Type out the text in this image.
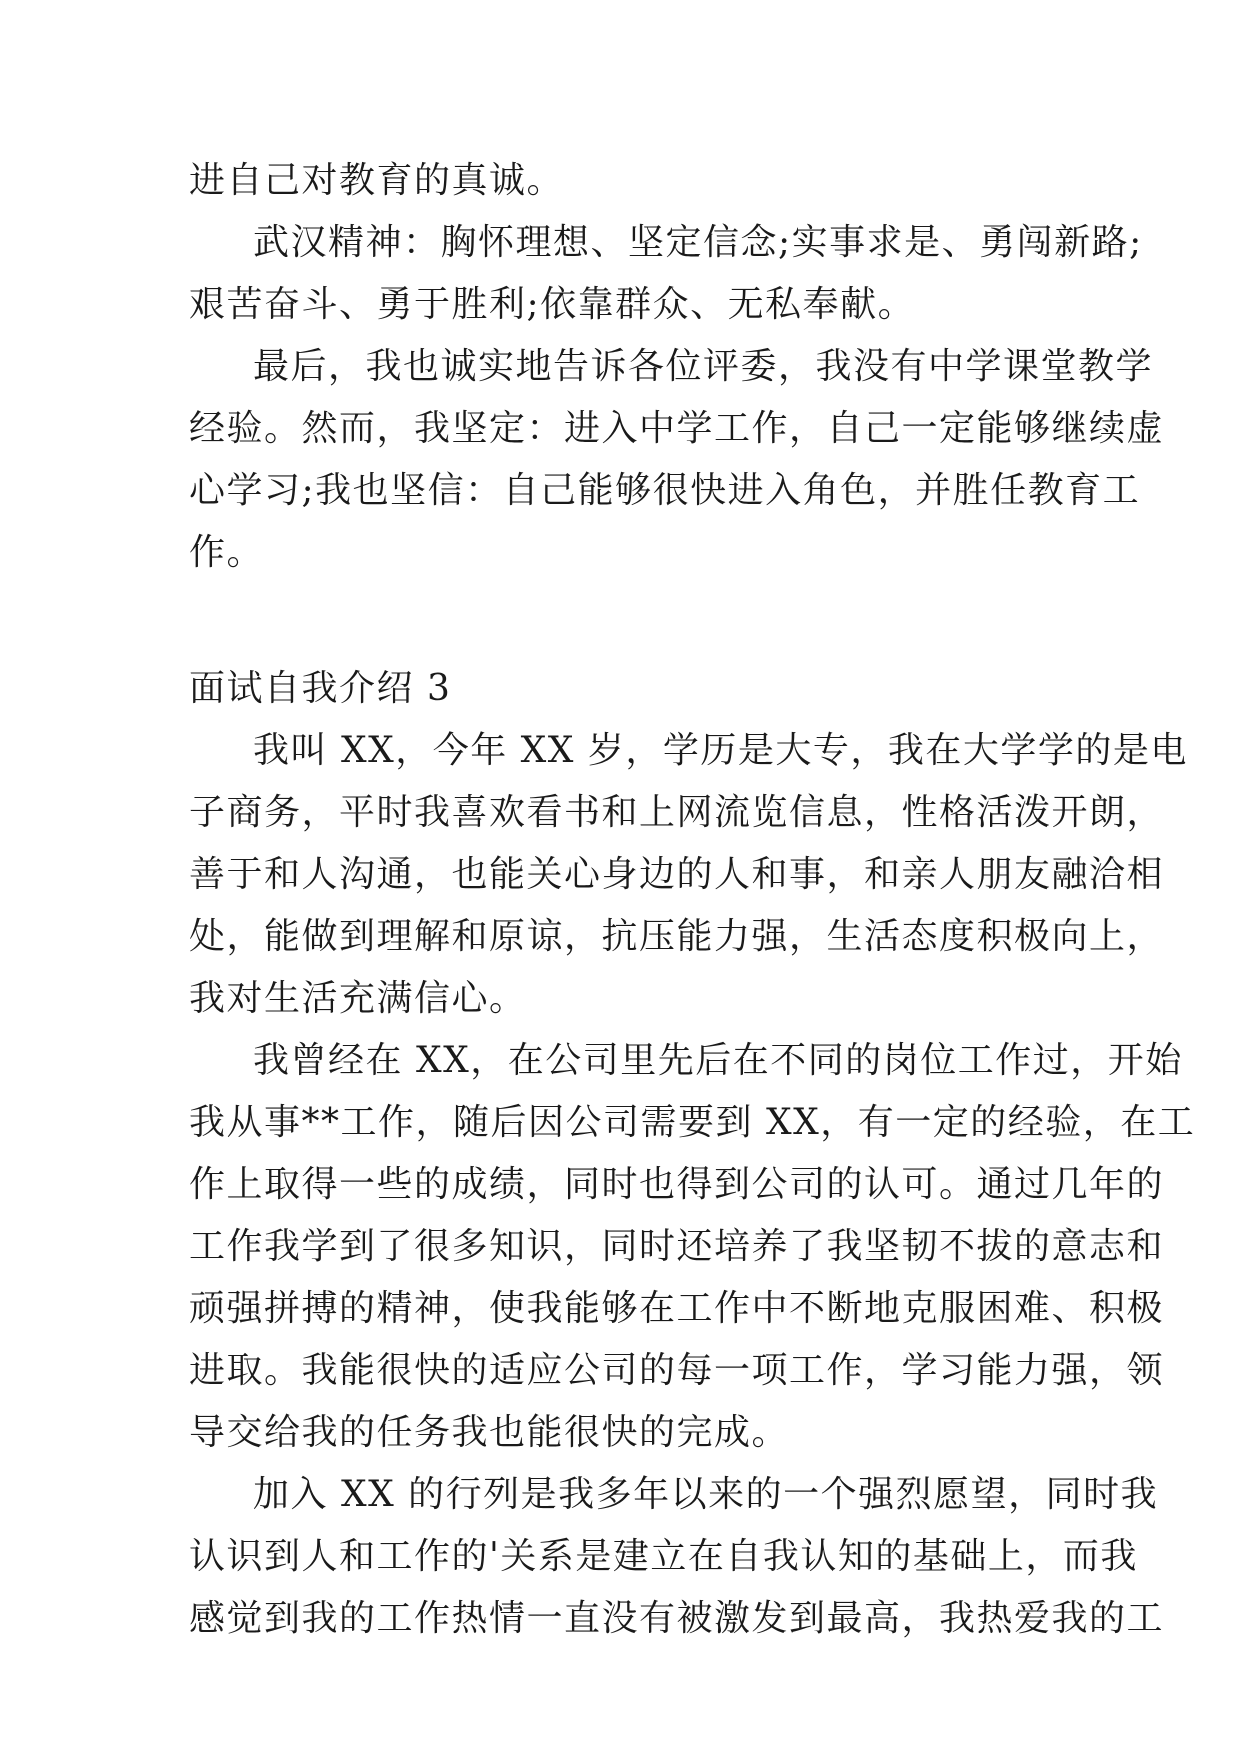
进自己对教育的真诚。
武汉精神：胸怀理想、坚定信念;实事求是、勇闯新路;
艰苦奋斗、勇于胜利;依靠群众、无私奉献。
最后，我也诚实地告诉各位评委，我没有中学课堂教学
经验。然而，我坚定：进入中学工作，自己一定能够继续虚
心学习;我也坚信：自己能够很快进入角色，并胜任教育工
作。
面试自我介绍 3
我叫 XX，今年 XX 岁，学历是大专，我在大学学的是电
子商务，平时我喜欢看书和上网流览信息，性格活泼开朗，
善于和人沟通，也能关心身边的人和事，和亲人朋友融洽相
处，能做到理解和原谅，抗压能力强，生活态度积极向上，
我对生活充满信心。
我曾经在 XX，在公司里先后在不同的岗位工作过，开始
我从事**工作，随后因公司需要到 XX，有一定的经验，在工
作上取得一些的成绩，同时也得到公司的认可。通过几年的
工作我学到了很多知识，同时还培养了我坚韧不拔的意志和
顽强拼搏的精神，使我能够在工作中不断地克服困难、积极
进取。我能很快的适应公司的每一项工作，学习能力强，领
导交给我的任务我也能很快的完成。
加入 XX 的行列是我多年以来的一个强烈愿望，同时我
认识到人和工作的'关系是建立在自我认知的基础上，而我
感觉到我的工作热情一直没有被激发到最高，我热爱我的工
